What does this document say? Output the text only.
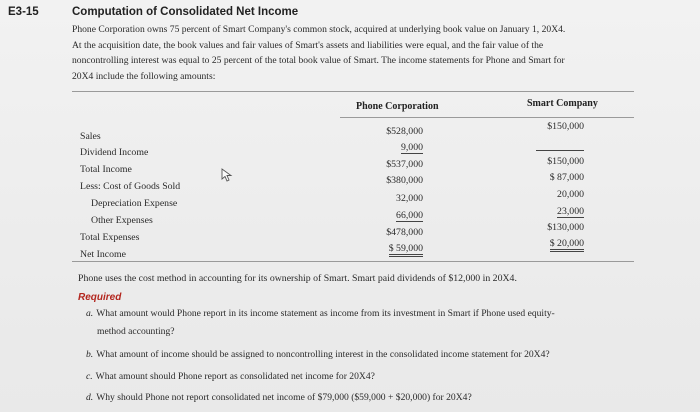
E3-15	Computation of Consolidated Net Income
Phone Corporation owns 75 percent of Smart Company's common stock, acquired at underlying book value on January 1, 20X4.
At the acquisition date, the book values and fair values of Smart's assets and liabilities were equal, and the fair value of the
noncontrolling interest was equal to 25 percent of the total book value of Smart. The income statements for Phone and Smart for
20X4 include the following amounts:
Phone Corporation	Smart Company
Sales
Dividend Income
Total Income
Less: Cost of Goods Sold
Depreciation Expense
Other Expenses
Total Expenses
Net Income
$528,000
9,000
$537,000
$380,000
32,000
66,000
$478,000
$ 59,000
$150,000
$150,000
$ 87,000
20,000
23,000
$130,000
$ 20,000
Phone uses the cost method in accounting for its ownership of Smart. Smart paid dividends of $12,000 in 20X4.
Required
a. What amount would Phone report in its income statement as income from its investment in Smart if Phone used equity-
method accounting?
b. What amount of income should be assigned to noncontrolling interest in the consolidated income statement for 20X4?
c. What amount should Phone report as consolidated net income for 20X4?
d. Why should Phone not report consolidated net income of $79,000 ($59,000 + $20,000) for 20X4?
